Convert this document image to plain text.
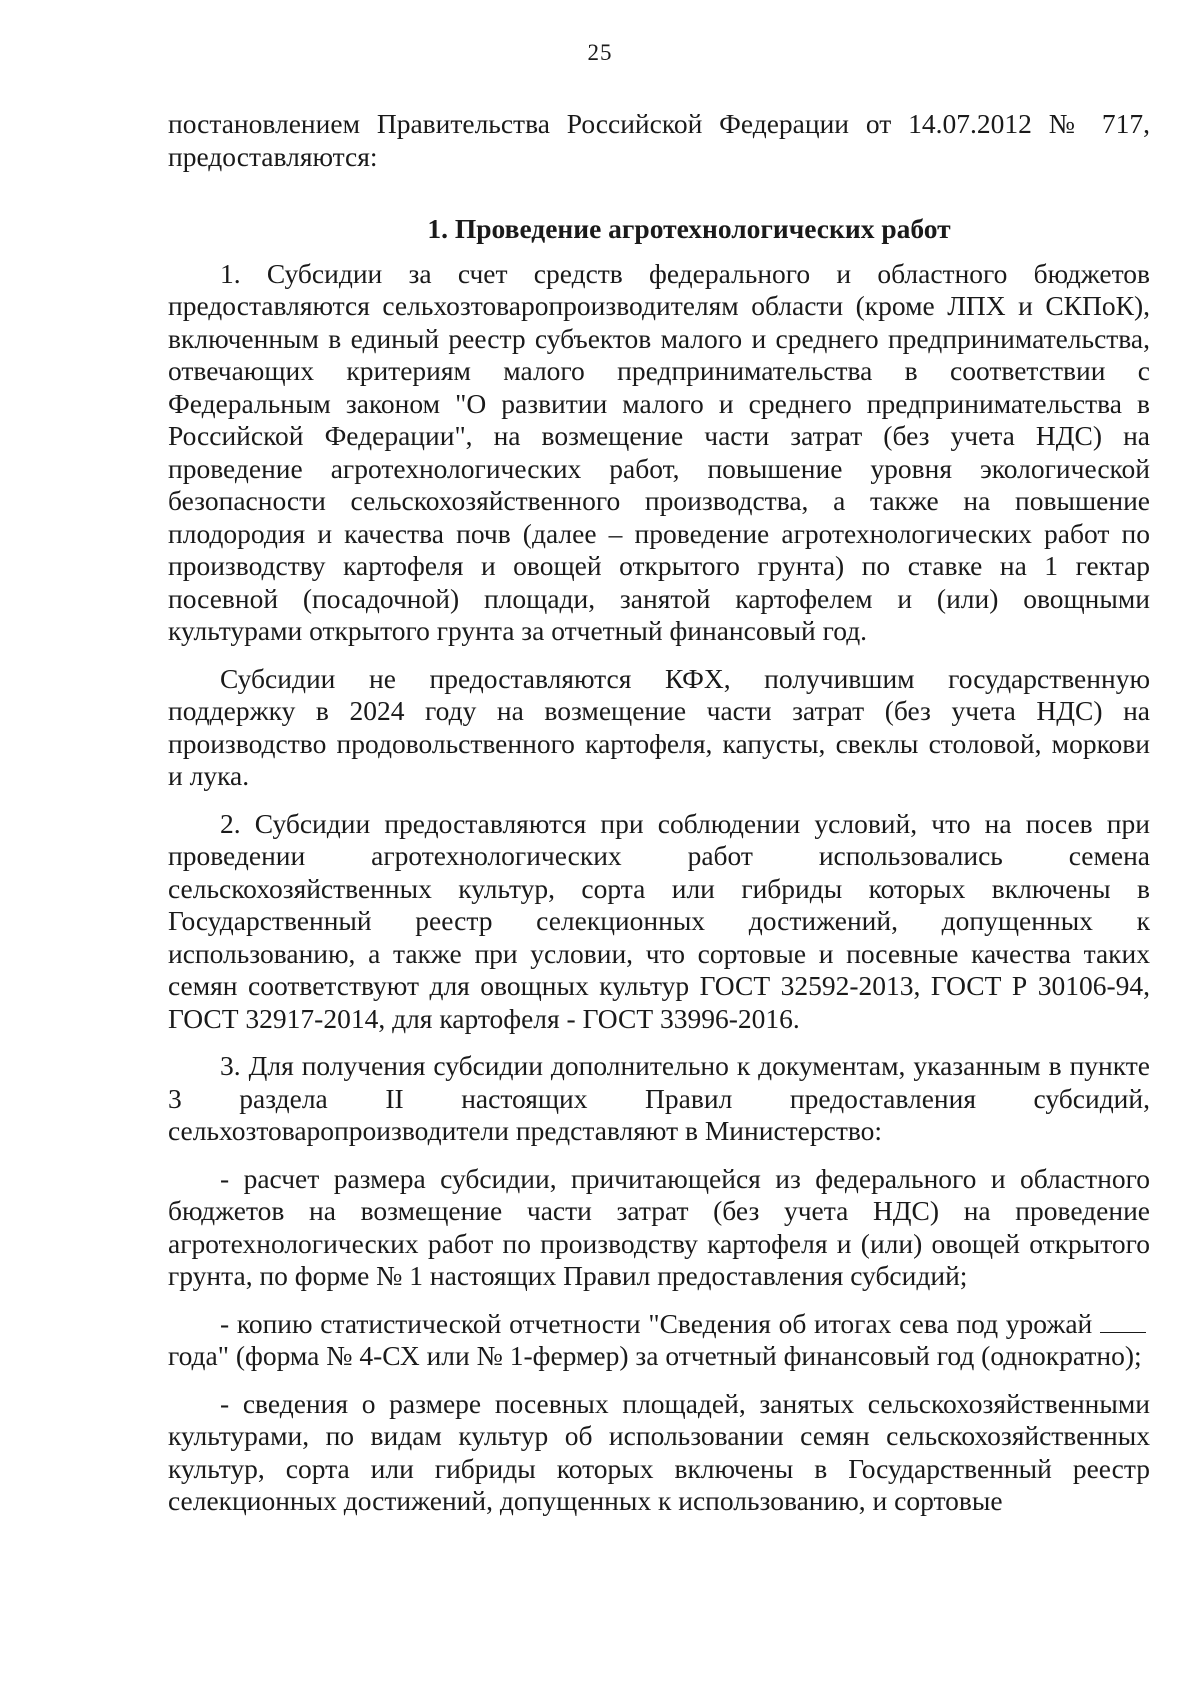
25

постановлением Правительства Российской Федерации от 14.07.2012 № 717, предоставляются:

1. Проведение агротехнологических работ

1. Субсидии за счет средств федерального и областного бюджетов предоставляются сельхозтоваропроизводителям области (кроме ЛПХ и СКПоК), включенным в единый реестр субъектов малого и среднего предпринимательства, отвечающих критериям малого предпринимательства в соответствии с Федеральным законом "О развитии малого и среднего предпринимательства в Российской Федерации", на возмещение части затрат (без учета НДС) на проведение агротехнологических работ, повышение уровня экологической безопасности сельскохозяйственного производства, а также на повышение плодородия и качества почв (далее – проведение агротехнологических работ по производству картофеля и овощей открытого грунта) по ставке на 1 гектар посевной (посадочной) площади, занятой картофелем и (или) овощными культурами открытого грунта за отчетный финансовый год.

Субсидии не предоставляются КФХ, получившим государственную поддержку в 2024 году на возмещение части затрат (без учета НДС) на производство продовольственного картофеля, капусты, свеклы столовой, моркови и лука.

2. Субсидии предоставляются при соблюдении условий, что на посев при проведении агротехнологических работ использовались семена сельскохозяйственных культур, сорта или гибриды которых включены в Государственный реестр селекционных достижений, допущенных к использованию, а также при условии, что сортовые и посевные качества таких семян соответствуют для овощных культур ГОСТ 32592-2013, ГОСТ Р 30106-94, ГОСТ 32917-2014, для картофеля - ГОСТ 33996-2016.

3. Для получения субсидии дополнительно к документам, указанным в пункте 3 раздела II настоящих Правил предоставления субсидий, сельхозтоваропроизводители представляют в Министерство:

- расчет размера субсидии, причитающейся из федерального и областного бюджетов на возмещение части затрат (без учета НДС) на проведение агротехнологических работ по производству картофеля и (или) овощей открытого грунта, по форме № 1 настоящих Правил предоставления субсидий;

- копию статистической отчетности "Сведения об итогах сева под урожай года" (форма № 4-СХ или № 1-фермер) за отчетный финансовый год (однократно);

- сведения о размере посевных площадей, занятых сельскохозяйственными культурами, по видам культур об использовании семян сельскохозяйственных культур, сорта или гибриды которых включены в Государственный реестр селекционных достижений, допущенных к использованию, и сортовые
